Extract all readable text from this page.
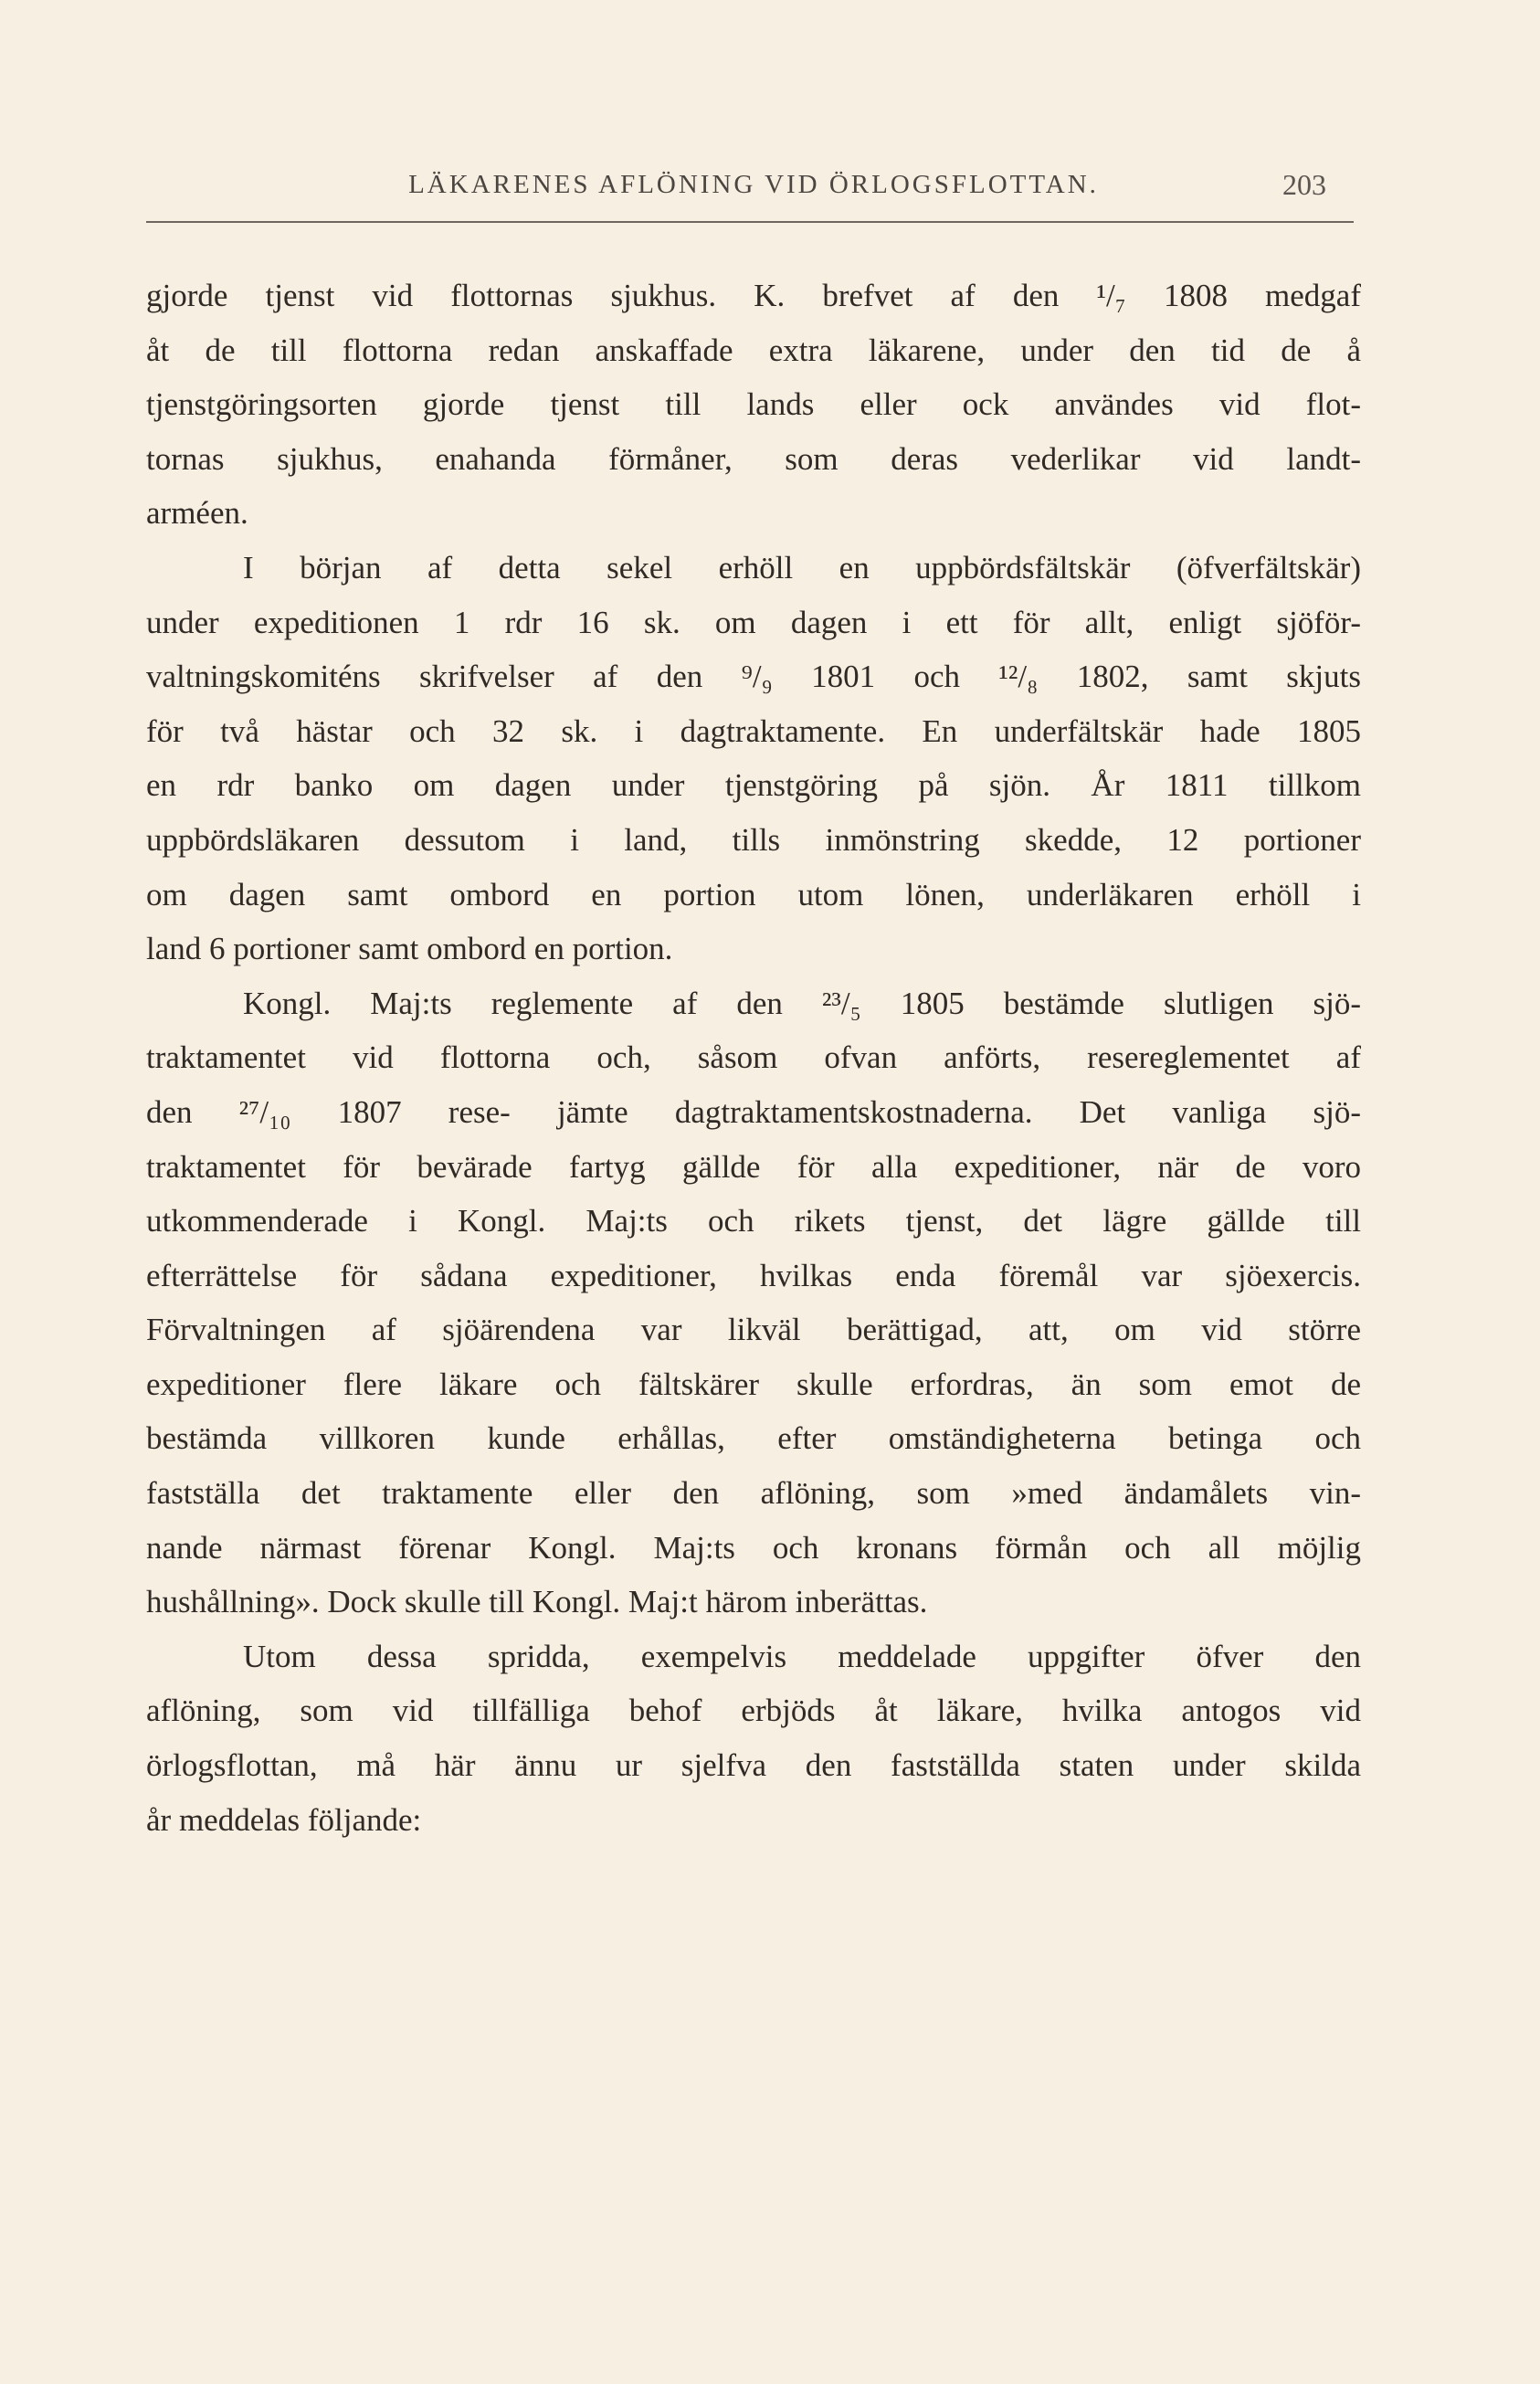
LÄKARENES AFLÖNING VID ÖRLOGSFLOTTAN.	203
gjorde tjenst vid flottornas sjukhus. K. brefvet af den ¹/₇ 1808 medgaf
åt de till flottorna redan anskaffade extra läkarene, under den tid de å
tjenstgöringsorten gjorde tjenst till lands eller ock användes vid flot-
tornas sjukhus, enahanda förmåner, som deras vederlikar vid landt-
arméen.
I början af detta sekel erhöll en uppbördsfältskär (öfverfältskär)
under expeditionen 1 rdr 16 sk. om dagen i ett för allt, enligt sjöför-
valtningskomiténs skrifvelser af den ⁹/₉ 1801 och ¹²/₈ 1802, samt skjuts
för två hästar och 32 sk. i dagtraktamente. En underfältskär hade 1805
en rdr banko om dagen under tjenstgöring på sjön. År 1811 tillkom
uppbördsläkaren dessutom i land, tills inmönstring skedde, 12 portioner
om dagen samt ombord en portion utom lönen, underläkaren erhöll i
land 6 portioner samt ombord en portion.
Kongl. Maj:ts reglemente af den ²³/₅ 1805 bestämde slutligen sjö-
traktamentet vid flottorna och, såsom ofvan anförts, resereglementet af
den ²⁷/₁₀ 1807 rese- jämte dagtraktamentskostnaderna. Det vanliga sjö-
traktamentet för bevärade fartyg gällde för alla expeditioner, när de voro
utkommenderade i Kongl. Maj:ts och rikets tjenst, det lägre gällde till
efterrättelse för sådana expeditioner, hvilkas enda föremål var sjöexercis.
Förvaltningen af sjöärendena var likväl berättigad, att, om vid större
expeditioner flere läkare och fältskärer skulle erfordras, än som emot de
bestämda villkoren kunde erhållas, efter omständigheterna betinga och
fastställa det traktamente eller den aflöning, som »med ändamålets vin-
nande närmast förenar Kongl. Maj:ts och kronans förmån och all möjlig
hushållning». Dock skulle till Kongl. Maj:t härom inberättas.
Utom dessa spridda, exempelvis meddelade uppgifter öfver den
aflöning, som vid tillfälliga behof erbjöds åt läkare, hvilka antogos vid
örlogsflottan, må här ännu ur sjelfva den fastställda staten under skilda
år meddelas följande:
